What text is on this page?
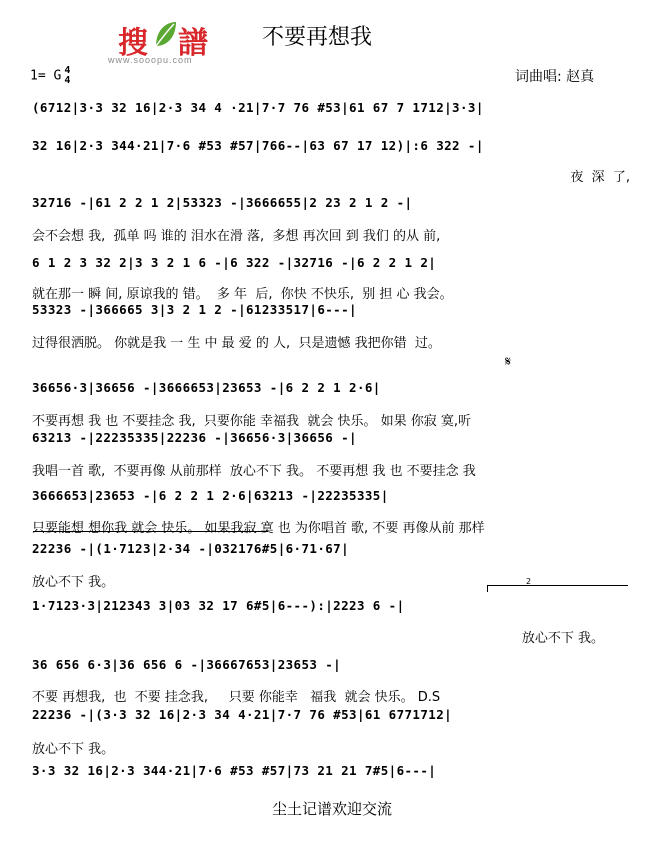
搜 譜
www.sooopu.com
不要再想我
1= G 4
4	词曲唱: 赵真
(6712|3·3 32 16|2·3 34 4 ·21|7·7 76 #53|61 67 7 1712|3·3|
32 16|2·3 344·21|7·6 #53 #57|766--|63 67 17 12)|:6 322 -|
夜  深  了,
32716 -|61 2 2 1 2|53323 -|3666655|2 23 2 1 2 -|
会不会想 我,  孤单 吗 谁的 泪水在滑 落,  多想 再次回 到 我们 的从 前,
6 1 2 3 32 2|3 3 2 1 6 -|6 322 -|32716 -|6 2 2 1 2|
就在那一 瞬 间, 原谅我的 错。  多 年  后,  你快 不快乐,  别 担 心 我会。
53323 -|366665 3|3 2 1 2 -|61233517|6---|
过得很洒脱。 你就是我 一 生 中 最 爱 的 人,  只是遗憾 我把你错  过。
36656·3|36656 -|3666653|23653 -|6 2 2 1 2·6|
不要再想 我 也 不要挂念 我,  只要你能 幸福我  就会 快乐。 如果 你寂 寞,听
63213 -|22235335|22236 -|36656·3|36656 -|
我唱一首 歌,  不要再像 从前那样  放心不下 我。 不要再想 我 也 不要挂念 我
3666653|23653 -|6 2 2 1 2·6|63213 -|22235335|
只要能想 想你我 就会 快乐。 如果我寂 寞 也 为你唱首 歌, 不要 再像从前 那样
22236 -|(1·7123|2·34 -|032176#5|6·71·67|
放心不下 我。
1·7123·3|212343 3|03 32 17 6#5|6---):|2223 6 -|
放心不下 我。
36 656 6·3|36 656 6 -|36667653|23653 -|
不要 再想我,  也  不要 挂念我,     只要 你能幸   福我  就会 快乐。 D.S
22236 -|(3·3 32 16|2·3 34 4·21|7·7 76 #53|61 6771712|
放心不下 我。
3·3 32 16|2·3 344·21|7·6 #53 #57|73 21 21 7#5|6---|
𝄋
2
尘土记谱欢迎交流
